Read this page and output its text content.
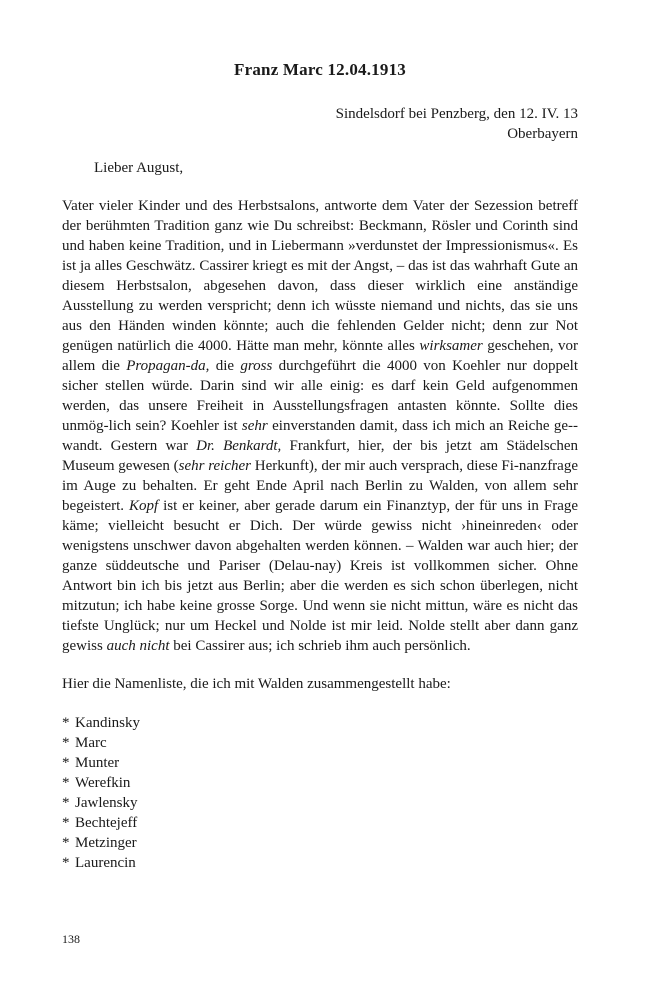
Franz Marc 12.04.1913
Sindelsdorf bei Penzberg, den 12. IV. 13
Oberbayern
Lieber August,

Vater vieler Kinder und des Herbstsalons, antworte dem Vater der Sezession betreff der berühmten Tradition ganz wie Du schreibst: Beckmann, Rösler und Corinth sind und haben keine Tradition, und in Liebermann »verdunstet der Impressionismus«. Es ist ja alles Geschwätz. Cassirer kriegt es mit der Angst, – das ist das wahrhaft Gute an diesem Herbstsalon, abgesehen davon, dass dieser wirklich eine anständige Ausstellung zu werden verspricht; denn ich wüsste niemand und nichts, das sie uns aus den Händen winden könnte; auch die fehlenden Gelder nicht; denn zur Not genügen natürlich die 4000. Hätte man mehr, könnte alles wirksamer geschehen, vor allem die Propagan-da, die gross durchgeführt die 4000 von Koehler nur doppelt sicher stellen würde. Darin sind wir alle einig: es darf kein Geld aufgenommen werden, das unsere Freiheit in Ausstellungsfragen antasten könnte. Sollte dies unmög-lich sein? Koehler ist sehr einverstanden damit, dass ich mich an Reiche ge-wandt. Gestern war Dr. Benkardt, Frankfurt, hier, der bis jetzt am Städelschen Museum gewesen (sehr reicher Herkunft), der mir auch versprach, diese Fi-nanzfrage im Auge zu behalten. Er geht Ende April nach Berlin zu Walden, von allem sehr begeistert. Kopf ist er keiner, aber gerade darum ein Finanztyp, der für uns in Frage käme; vielleicht besucht er Dich. Der würde gewiss nicht ›hineinreden‹ oder wenigstens unschwer davon abgehalten werden können. – Walden war auch hier; der ganze süddeutsche und Pariser (Delau-nay) Kreis ist vollkommen sicher. Ohne Antwort bin ich bis jetzt aus Berlin; aber die werden es sich schon überlegen, nicht mitzutun; ich habe keine grosse Sorge. Und wenn sie nicht mittun, wäre es nicht das tiefste Unglück; nur um Heckel und Nolde ist mir leid. Nolde stellt aber dann ganz gewiss auch nicht bei Cassirer aus; ich schrieb ihm auch persönlich.

Hier die Namenliste, die ich mit Walden zusammengestellt habe:
* Kandinsky
* Marc
* Munter
* Werefkin
* Jawlensky
* Bechtejeff
* Metzinger
* Laurencin
138
